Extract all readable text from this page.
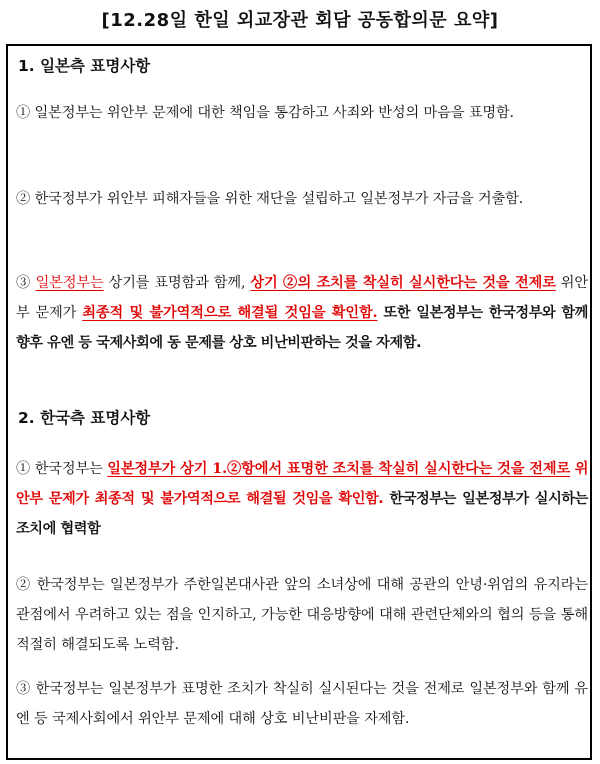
[12.28일 한일 외교장관 회담 공동합의문 요약]
1. 일본측 표명사항
① 일본정부는 위안부 문제에 대한 책임을 통감하고 사죄와 반성의 마음을 표명함.
② 한국정부가 위안부 피해자들을 위한 재단을 설립하고 일본정부가 자금을 거출함.
③ 일본정부는 상기를 표명함과 함께, 상기 ②의 조치를 착실히 실시한다는 것을 전제로 위안부 문제가 최종적 및 불가역적으로 해결될 것임을 확인함. 또한 일본정부는 한국정부와 함께 향후 유엔 등 국제사회에 동 문제를 상호 비난비판하는 것을 자제함.
2. 한국측 표명사항
① 한국정부는 일본정부가 상기 1.②항에서 표명한 조치를 착실히 실시한다는 것을 전제로 위안부 문제가 최종적 및 불가역적으로 해결될 것임을 확인함. 한국정부는 일본정부가 실시하는 조치에 협력함
② 한국정부는 일본정부가 주한일본대사관 앞의 소녀상에 대해 공관의 안녕·위엄의 유지라는 관점에서 우려하고 있는 점을 인지하고, 가능한 대응방향에 대해 관련단체와의 협의 등을 통해 적절히 해결되도록 노력함.
③ 한국정부는 일본정부가 표명한 조치가 착실히 실시된다는 것을 전제로 일본정부와 함께 유엔 등 국제사회에서 위안부 문제에 대해 상호 비난비판을 자제함.
